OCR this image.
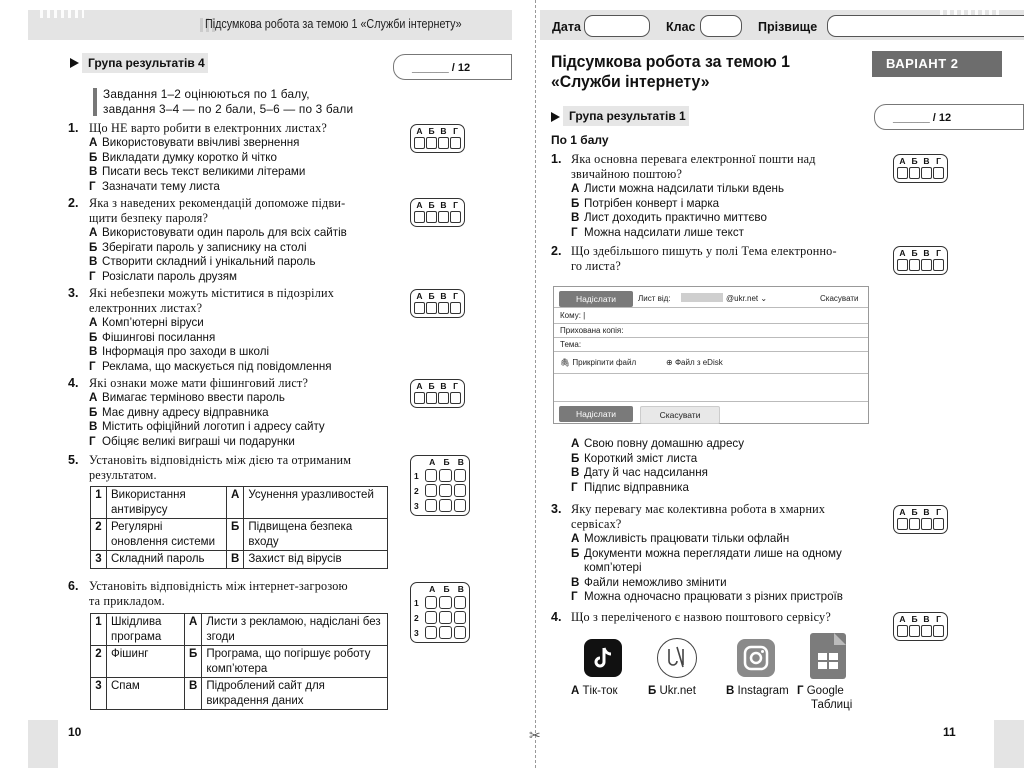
Підсумкова робота за темою 1 «Служби інтернету»	Дата	Клас	Прізвище
✂
10	11
Група результатів 4	______ / 12
Завдання 1–2 оцінюються по 1 балу,
завдання 3–4 — по 2 бали, 5–6 — по 3 бали
1. Що НЕ варто робити в електронних листах?
А Використовувати ввічливі звернення
Б Викладати думку коротко й чітко
В Писати весь текст великими літерами
Г Зазначати тему листа
А Б В Г
2. Яка з наведених рекомендацій допоможе підви-
щити безпеку пароля?
А Використовувати один пароль для всіх сайтів
Б Зберігати пароль у записнику на столі
В Створити складний і унікальний пароль
Г Розіслати пароль друзям
А Б В Г
3. Які небезпеки можуть міститися в підозрілих
електронних листах?
А Комп’ютерні віруси
Б Фішингові посилання
В Інформація про заходи в школі
Г Реклама, що маскується під повідомлення
А Б В Г
4. Які ознаки може мати фішинговий лист?
А Вимагає терміново ввести пароль
Б Має дивну адресу відправника
В Містить офіційний логотип і адресу сайту
Г Обіцяє великі виграші чи подарунки
А Б В Г
5. Установіть відповідність між дією та отриманим
результатом.
1	Використання антивірусу	А	Усунення уразливостей
2	Регулярні оновлення системи	Б	Підвищена безпека входу
3	Складний пароль	В	Захист від вірусів
А Б В
1
2
3
6. Установіть відповідність між інтернет-загрозою
та прикладом.
1	Шкідлива програма	А	Листи з рекламою, надіслані без згоди
2	Фішинг	Б	Програма, що погіршує роботу комп’ютера
3	Спам	В	Підроблений сайт для викрадення даних
А Б В
1
2
3
Підсумкова робота за темою 1
«Служби інтернету»
ВАРІАНТ 2
Група результатів 1	______ / 12
По 1 балу
1. Яка основна перевага електронної пошти над
звичайною поштою?
А Листи можна надсилати тільки вдень
Б Потрібен конверт і марка
В Лист доходить практично миттєво
Г Можна надсилати лише текст
А Б В Г
2. Що здебільшого пишуть у полі Тема електронно-
го листа?
А Б В Г
Надіслати	Лист від:	@ukr.net ⌄	Скасувати
Кому: |
Прихована копія:
Тема:
🖇 Прикріпити файл	⊕ Файл з eDisk
Надіслати	Скасувати
А Свою повну домашню адресу
Б Короткий зміст листа
В Дату й час надсилання
Г Підпис відправника
3. Яку перевагу має колективна робота в хмарних
сервісах?
А Можливість працювати тільки офлайн
Б Документи можна переглядати лише на одному
комп’ютері
В Файли неможливо змінити
Г Можна одночасно працювати з різних пристроїв
А Б В Г
4. Що з переліченого є назвою поштового сервісу?	А Б В Г
А Tік-ток	Б Ukr.net	В Instagram Г Google
Таблиці
